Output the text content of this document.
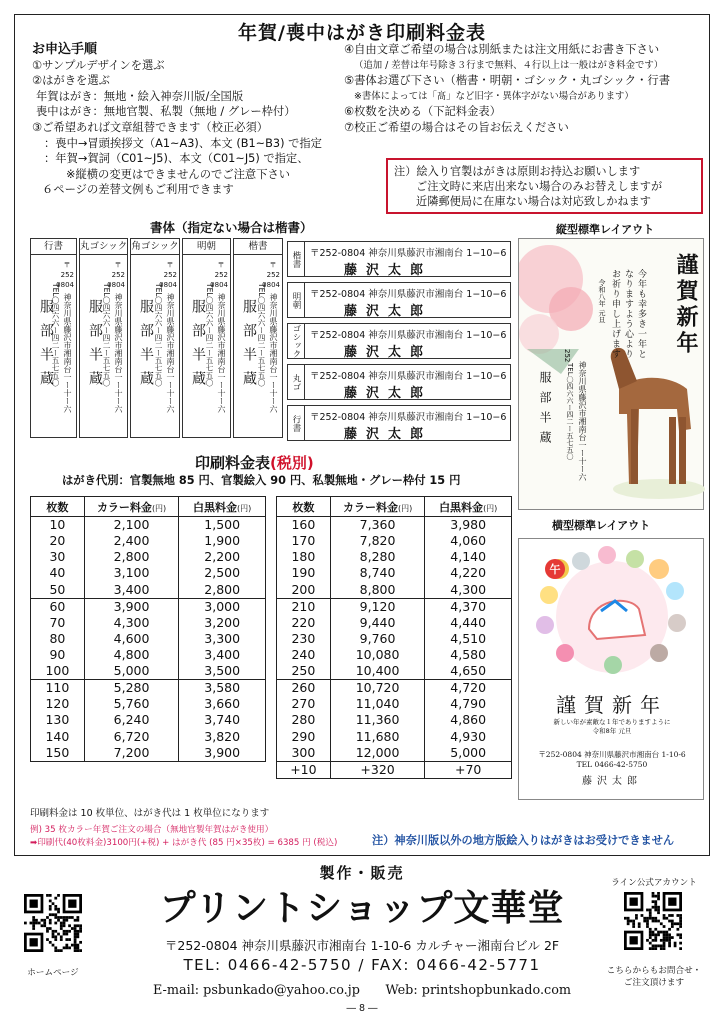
年賀/喪中はがき印刷料金表
お申込手順
①サンプルデザインを選ぶ
②はがきを選ぶ
年賀はがき：無地・絵入神奈川版/全国版
喪中はがき：無地官製、私製（無地 / グレー枠付）
③ご希望あれば文章組替できます（校正必須）
：喪中→冒頭挨拶文（A1~A3)、本文 (B1~B3) で指定
：年賀→賀詞（C01~J5)、本文（C01~J5) で指定、
※縦横の変更はできませんのでご注意下さい
６ページの差替文例もご利用できます
④自由文章ご希望の場合は別紙または注文用紙にお書き下さい
（追加 / 差替は年号除き３行まで無料、４行以上は一般はがき料金です）
⑤書体お選び下さい（楷書・明朝・ゴシック・丸ゴシック・行書
※書体によっては「髙」など旧字・異体字がない場合があります）
⑥枚数を決める（下記料金表）
⑦校正ご希望の場合はその旨お伝えください
注）絵入り官製はがきは原則お持込お願いします
ご注文時に来店出来ない場合のみお替えしますが
近隣郵便局に在庫ない場合は対応致しかねます
書体（指定ない場合は楷書）
行書
〒
252
0804
神奈川県藤沢市湘南台一ー十ー六
TEL〇四六六ー四二ー五七五〇
服部半蔵
丸ゴシック
〒
252
0804
神奈川県藤沢市湘南台一ー十ー六
TEL〇四六六ー四二ー五七五〇
服部半蔵
角ゴシック
〒
252
0804
神奈川県藤沢市湘南台一ー十ー六
TEL〇四六六ー四二ー五七五〇
服部半蔵
明朝
〒
252
0804
神奈川県藤沢市湘南台一ー十ー六
TEL〇四六六ー四二ー五七五〇
服部半蔵
楷書
〒
252
0804
神奈川県藤沢市湘南台一ー十ー六
TEL〇四六六ー四二ー五七五〇
服部半蔵
楷書 〒252-0804 神奈川県藤沢市湘南台 1−10−6
藤沢太郎
明朝 〒252-0804 神奈川県藤沢市湘南台 1−10−6
藤沢太郎
ゴシック 〒252-0804 神奈川県藤沢市湘南台 1−10−6
藤沢太郎
丸ゴ 〒252-0804 神奈川県藤沢市湘南台 1−10−6
藤沢太郎
行書 〒252-0804 神奈川県藤沢市湘南台 1−10−6
藤沢太郎
縦型標準レイアウト
謹賀新年
今年も幸多き一年となりますよう心よりお祈り申し上げます
令和八年 元旦
252
神奈川県藤沢市湘南台一ー十ー六
TEL〇四六六ー四二ー五七五〇
服部半蔵
横型標準レイアウト
午
謹賀新年
新しい年が素敵な１年でありますように
令和8年 元旦
〒252-0804 神奈川県藤沢市湘南台 1-10-6
TEL 0466-42-5750
藤沢太郎
印刷料金表(税別)
はがき代別：官製無地 85 円、官製絵入 90 円、私製無地・グレー枠付 15 円
枚数	カラー料金(円)	白黒料金(円)
10	2,100	1,500
20	2,400	1,900
30	2,800	2,200
40	3,100	2,500
50	3,400	2,800
60	3,900	3,000
70	4,300	3,200
80	4,600	3,300
90	4,800	3,400
100	5,000	3,500
110	5,280	3,580
120	5,760	3,660
130	6,240	3,740
140	6,720	3,820
150	7,200	3,900
枚数	カラー料金(円)	白黒料金(円)
160	7,360	3,980
170	7,820	4,060
180	8,280	4,140
190	8,740	4,220
200	8,800	4,300
210	9,120	4,370
220	9,440	4,440
230	9,760	4,510
240	10,080	4,580
250	10,400	4,650
260	10,720	4,720
270	11,040	4,790
280	11,360	4,860
290	11,680	4,930
300	12,000	5,000
+10	+320	+70
印刷料金は 10 枚単位、はがき代は 1 枚単位になります
例) 35 枚カラー年賀ご注文の場合（無地官製年賀はがき使用）
➡印刷代(40枚料金)3100円(+税) + はがき代 (85 円×35枚) = 6385 円 (税込)	注）神奈川版以外の地方版絵入りはがきはお受けできません
製作・販売
プリントショップ文華堂
〒252-0804 神奈川県藤沢市湘南台 1-10-6 カルチャー湘南台ビル 2F
TEL: 0466-42-5750 / FAX: 0466-42-5771
E-mail: psbunkado@yahoo.co.jp　　Web: printshopbunkado.com
― 8 ―
ホームページ
ライン公式アカウント
こちらからもお問合せ・
ご注文頂けます
